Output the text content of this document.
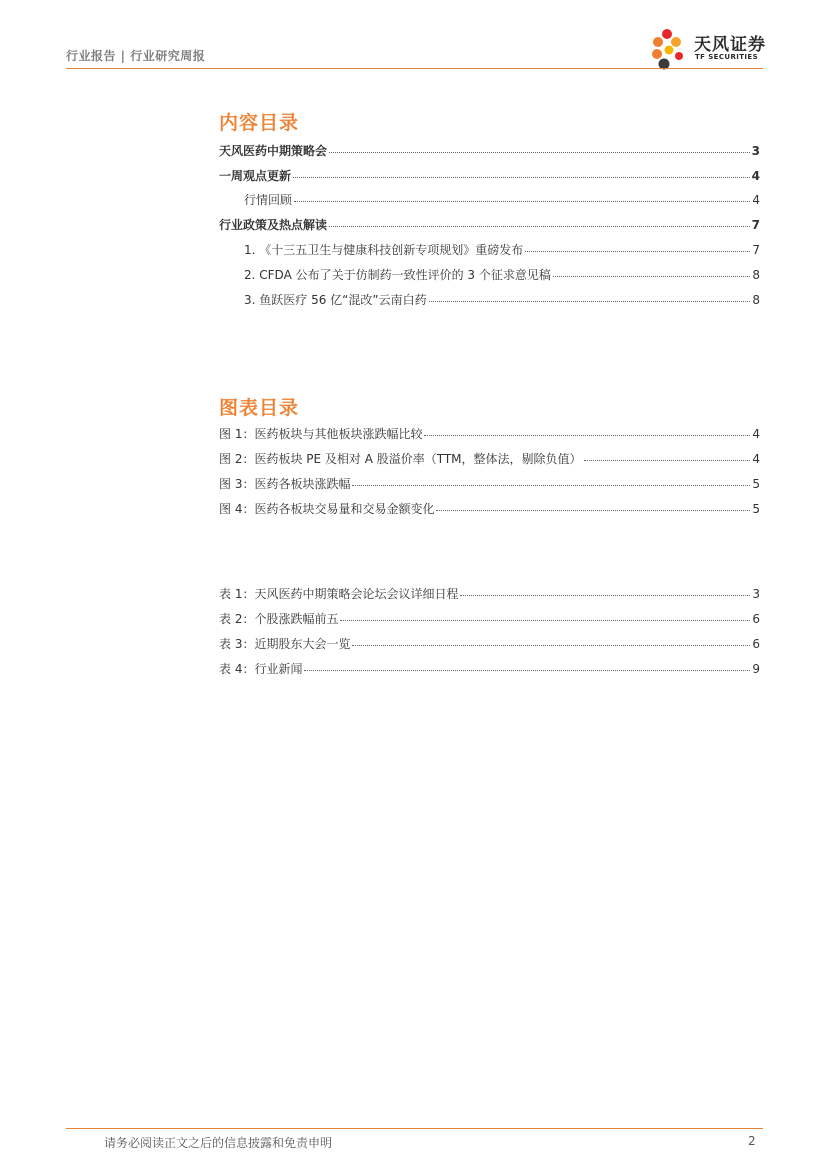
行业报告 | 行业研究周报
天风证券
TF SECURITIES
内容目录
天风医药中期策略会	3
一周观点更新	4
行情回顾	4
行业政策及热点解读	7
1. 《十三五卫生与健康科技创新专项规划》重磅发布	7
2. CFDA 公布了关于仿制药一致性评价的 3 个征求意见稿	8
3. 鱼跃医疗 56 亿“混改”云南白药	8
图表目录
图 1：医药板块与其他板块涨跌幅比较	4
图 2：医药板块 PE 及相对 A 股溢价率（TTM，整体法，剔除负值）	4
图 3：医药各板块涨跌幅	5
图 4：医药各板块交易量和交易金额变化	5
表 1：天风医药中期策略会论坛会议详细日程	3
表 2：个股涨跌幅前五	6
表 3：近期股东大会一览	6
表 4：行业新闻	9
请务必阅读正文之后的信息披露和免责申明	2
